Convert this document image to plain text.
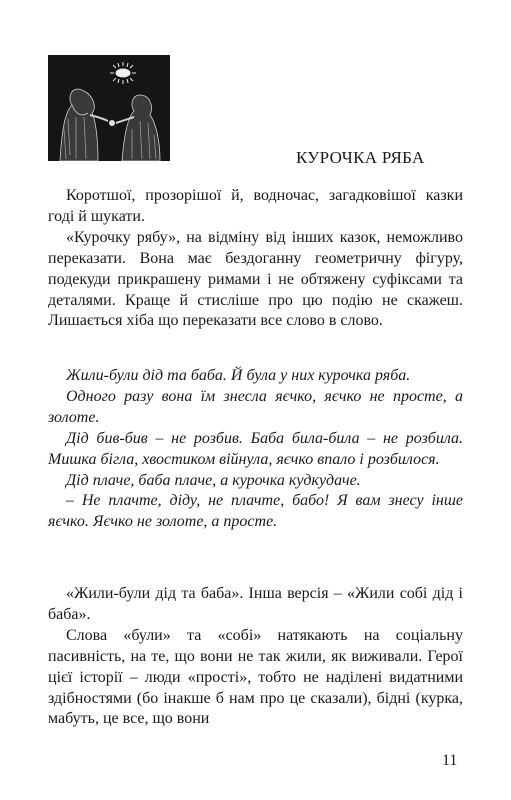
КУРОЧКА РЯБА

Коротшої, прозорішої й, водночас, загадковішої казки годі й шукати.

«Курочку рябу», на відміну від інших казок, неможливо переказати. Вона має бездоганну геометричну фігуру, подекуди прикрашену римами і не обтяжену суфіксами та деталями. Краще й стисліше про цю подію не скажеш. Лишається хіба що переказати все слово в слово.

Жили-були дід та баба. Й була у них курочка ряба.

Одного разу вона їм знесла яєчко, яєчко не просте, а золоте.

Дід бив-бив – не розбив. Баба била-била – не розбила. Мишка бігла, хвостиком війнула, яєчко впало і розбилося.

Дід плаче, баба плаче, а курочка кудкудаче.

– Не плачте, діду, не плачте, бабо! Я вам знесу інше яєчко. Яєчко не золоте, а просте.

«Жили-були дід та баба». Інша версія – «Жили собі дід і баба».

Слова «були» та «собі» натякають на соціальну пасивність, на те, що вони не так жили, як виживали. Герої цієї історії – люди «прості», тобто не наділені видатними здібностями (бо інакше б нам про це сказали), бідні (курка, мабуть, це все, що вони

11
